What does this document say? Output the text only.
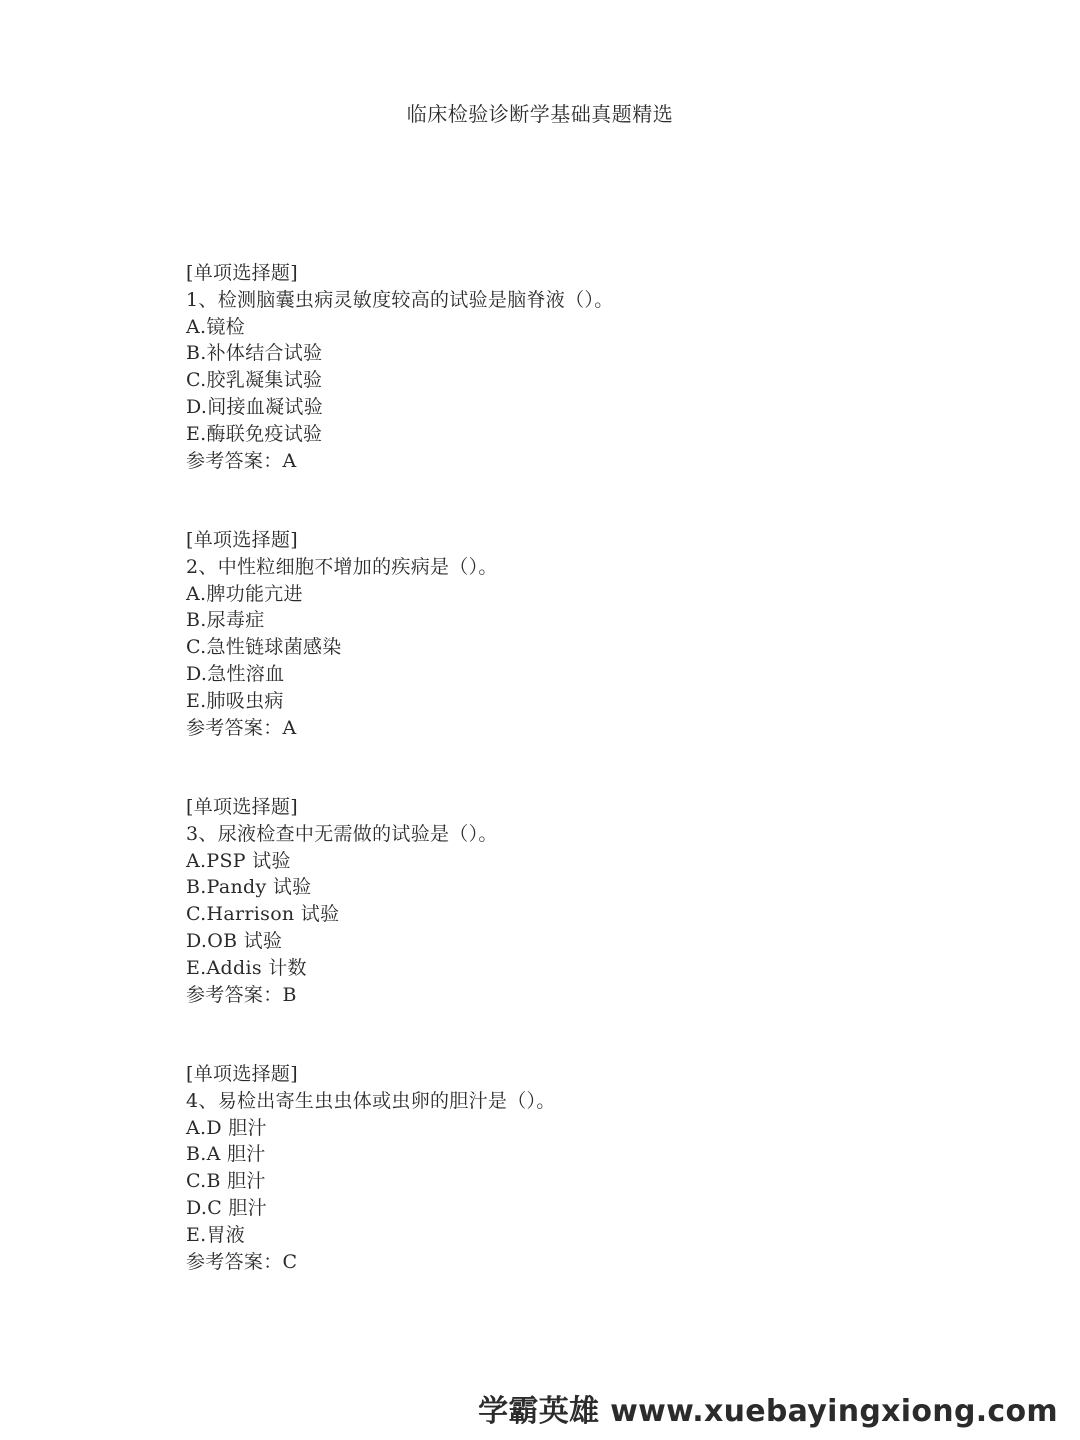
临床检验诊断学基础真题精选
[单项选择题]
1、检测脑囊虫病灵敏度较高的试验是脑脊液（）。
A.镜检
B.补体结合试验
C.胶乳凝集试验
D.间接血凝试验
E.酶联免疫试验
参考答案：A
[单项选择题]
2、中性粒细胞不增加的疾病是（）。
A.脾功能亢进
B.尿毒症
C.急性链球菌感染
D.急性溶血
E.肺吸虫病
参考答案：A
[单项选择题]
3、尿液检查中无需做的试验是（）。
A.PSP 试验
B.Pandy 试验
C.Harrison 试验
D.OB 试验
E.Addis 计数
参考答案：B
[单项选择题]
4、易检出寄生虫虫体或虫卵的胆汁是（）。
A.D 胆汁
B.A 胆汁
C.B 胆汁
D.C 胆汁
E.胃液
参考答案：C
学霸英雄 www.xuebayingxiong.com
